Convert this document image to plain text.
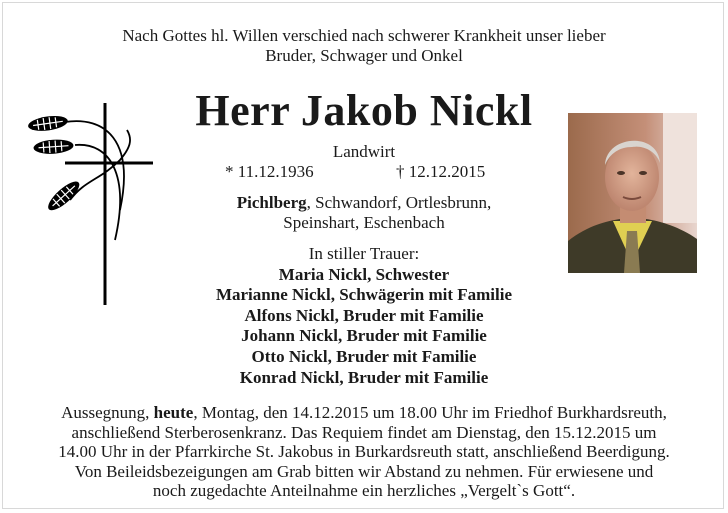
Nach Gottes hl. Willen verschied nach schwerer Krankheit unser lieber
Bruder, Schwager und Onkel
Herr Jakob Nickl
Landwirt
* 11.12.1936	† 12.12.2015
Pichlberg, Schwandorf, Ortlesbrunn,
Speinshart, Eschenbach
In stiller Trauer:
Maria Nickl, Schwester
Marianne Nickl, Schwägerin mit Familie
Alfons Nickl, Bruder mit Familie
Johann Nickl, Bruder mit Familie
Otto Nickl, Bruder mit Familie
Konrad Nickl, Bruder mit Familie
Aussegnung, heute, Montag, den 14.12.2015 um 18.00 Uhr im Friedhof Burkhardsreuth,
anschließend Sterberosenkranz. Das Requiem findet am Dienstag, den 15.12.2015 um
14.00 Uhr in der Pfarrkirche St. Jakobus in Burkardsreuth statt, anschließend Beerdigung.
Von Beileidsbezeigungen am Grab bitten wir Abstand zu nehmen. Für erwiesene und
noch zugedachte Anteilnahme ein herzliches „Vergelt`s Gott“.
